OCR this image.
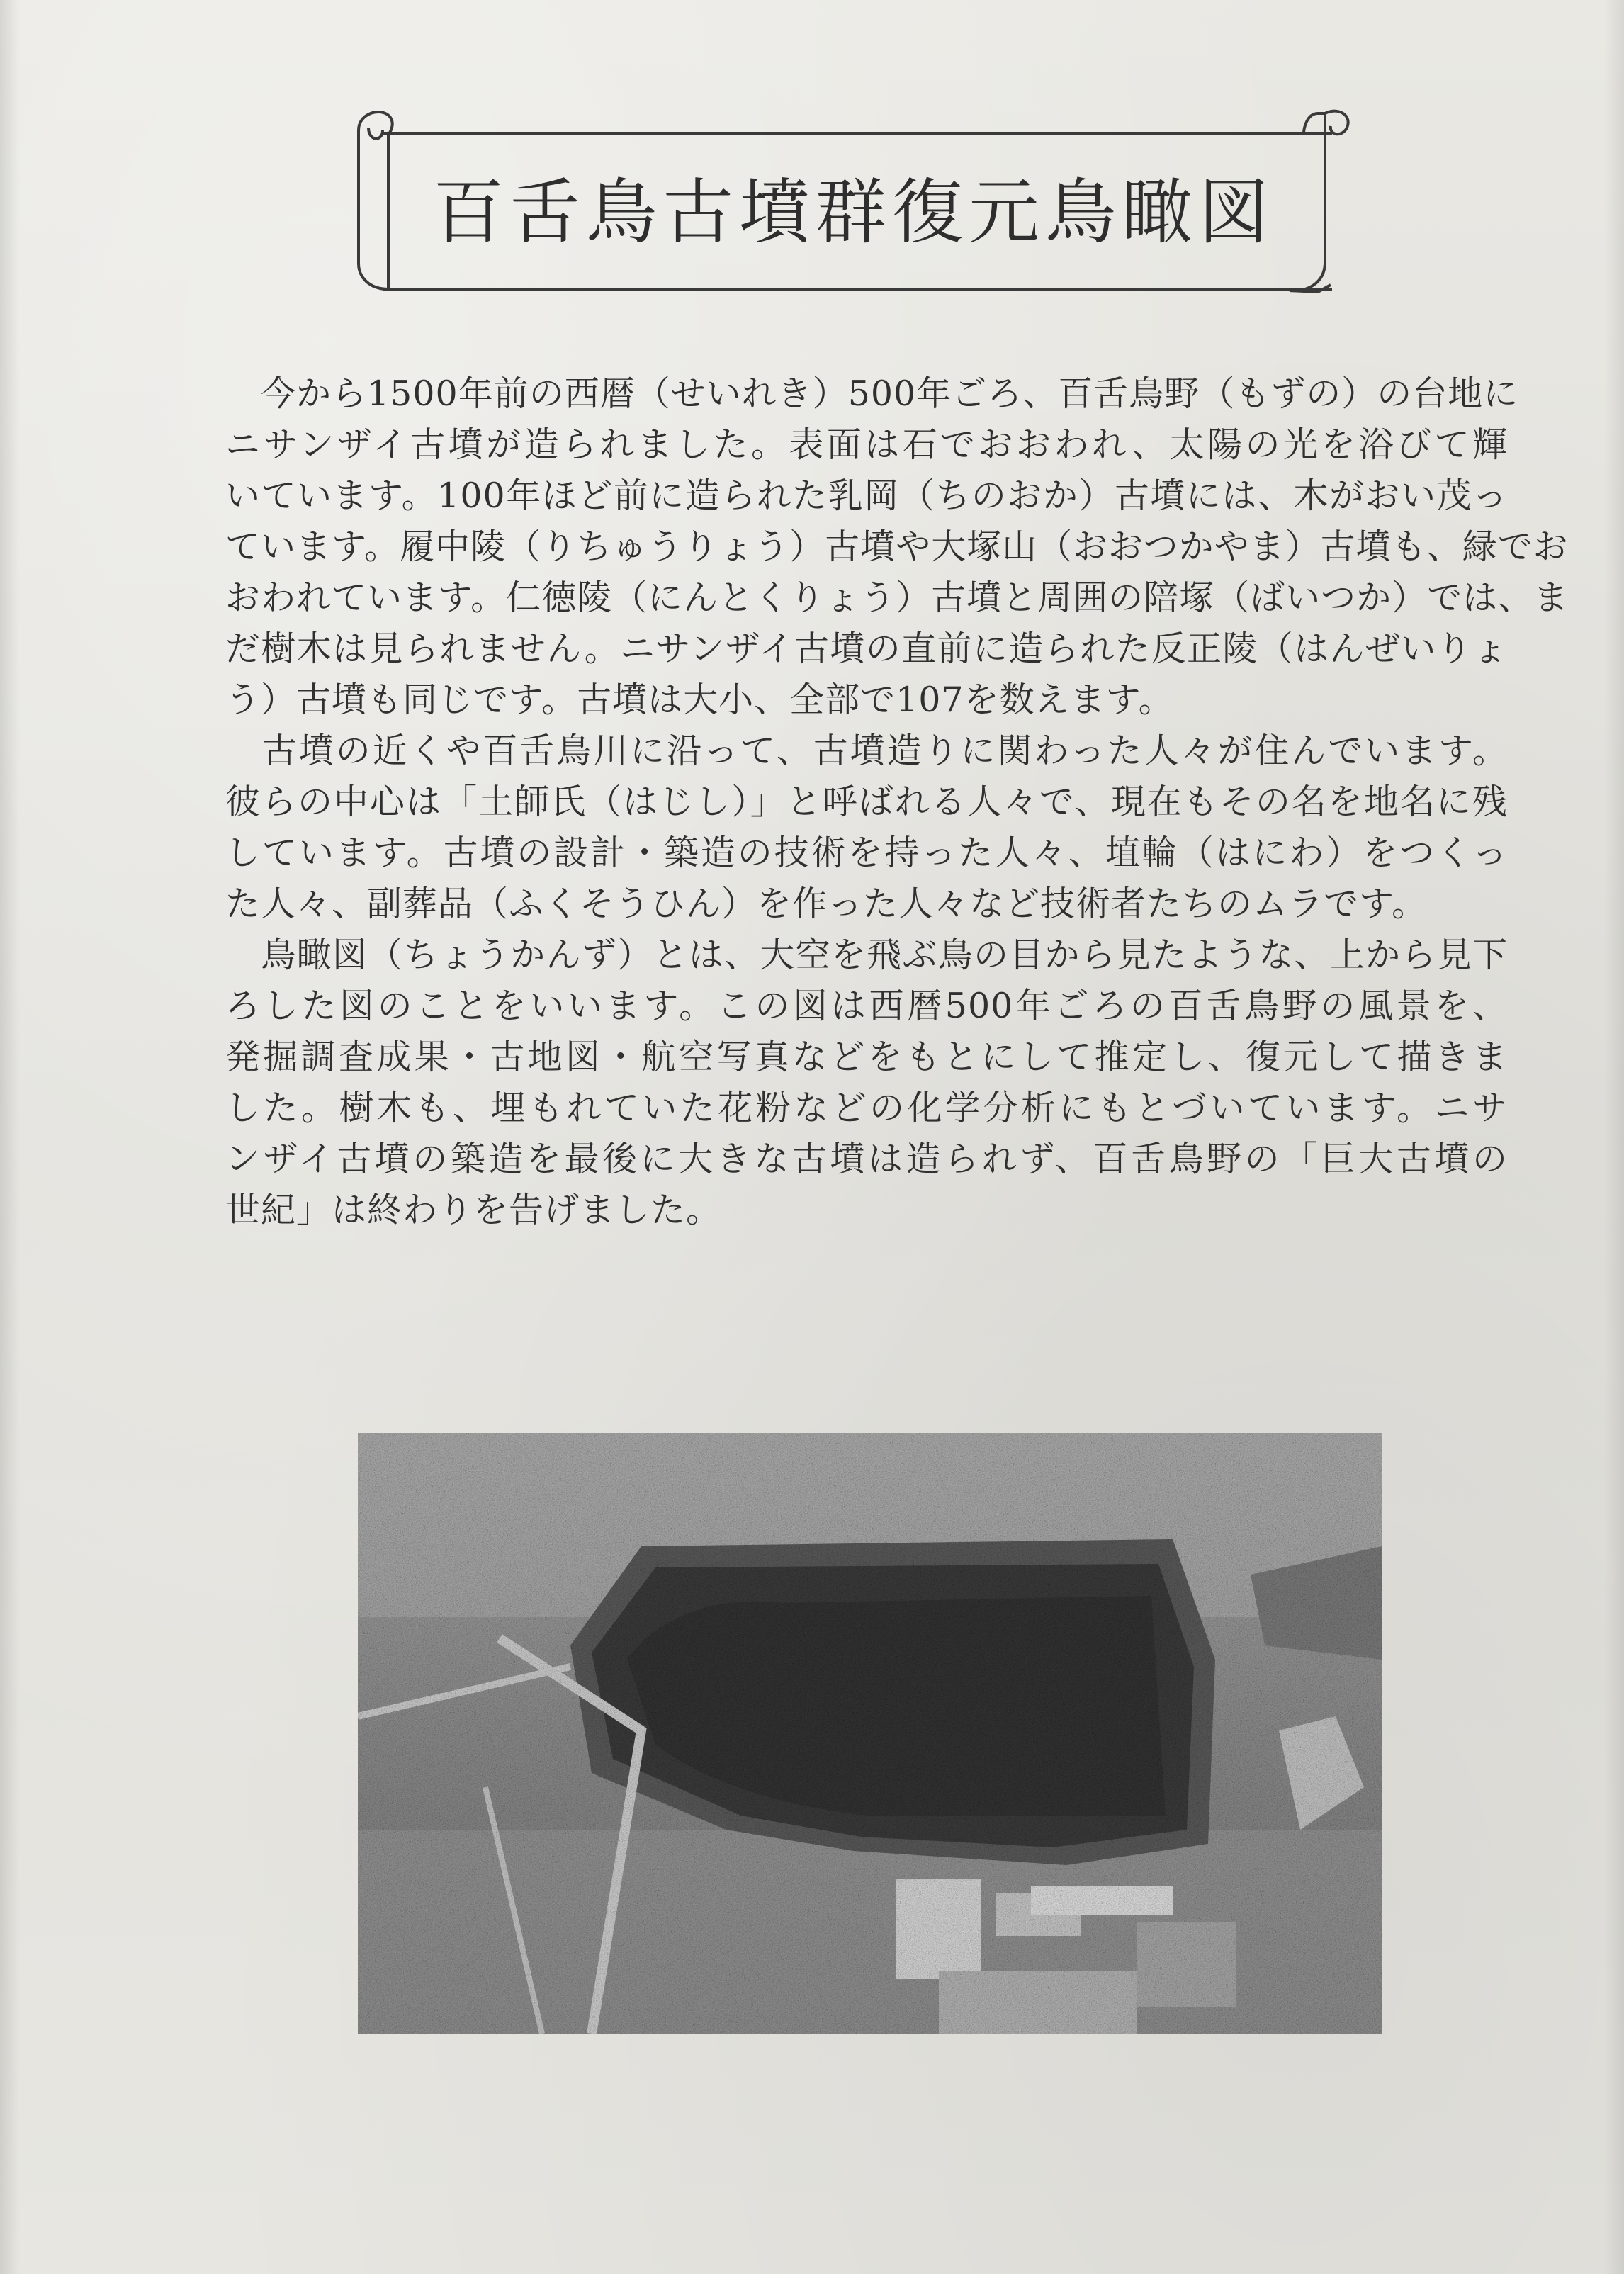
百舌鳥古墳群復元鳥瞰図
　今から1500年前の西暦（せいれき）500年ごろ、百舌鳥野（もずの）の台地に
ニサンザイ古墳が造られました。表面は石でおおわれ、太陽の光を浴びて輝
いています。100年ほど前に造られた乳岡（ちのおか）古墳には、木がおい茂っ
ています。履中陵（りちゅうりょう）古墳や大塚山（おおつかやま）古墳も、緑でお
おわれています。仁徳陵（にんとくりょう）古墳と周囲の陪塚（ばいつか）では、ま
だ樹木は見られません。ニサンザイ古墳の直前に造られた反正陵（はんぜいりょ
う）古墳も同じです。古墳は大小、全部で107を数えます。
　古墳の近くや百舌鳥川に沿って、古墳造りに関わった人々が住んでいます。
彼らの中心は「土師氏（はじし）」と呼ばれる人々で、現在もその名を地名に残
しています。古墳の設計・築造の技術を持った人々、埴輪（はにわ）をつくっ
た人々、副葬品（ふくそうひん）を作った人々など技術者たちのムラです。
　鳥瞰図（ちょうかんず）とは、大空を飛ぶ鳥の目から見たような、上から見下
ろした図のことをいいます。この図は西暦500年ごろの百舌鳥野の風景を、
発掘調査成果・古地図・航空写真などをもとにして推定し、復元して描きま
した。樹木も、埋もれていた花粉などの化学分析にもとづいています。ニサ
ンザイ古墳の築造を最後に大きな古墳は造られず、百舌鳥野の「巨大古墳の
世紀」は終わりを告げました。
